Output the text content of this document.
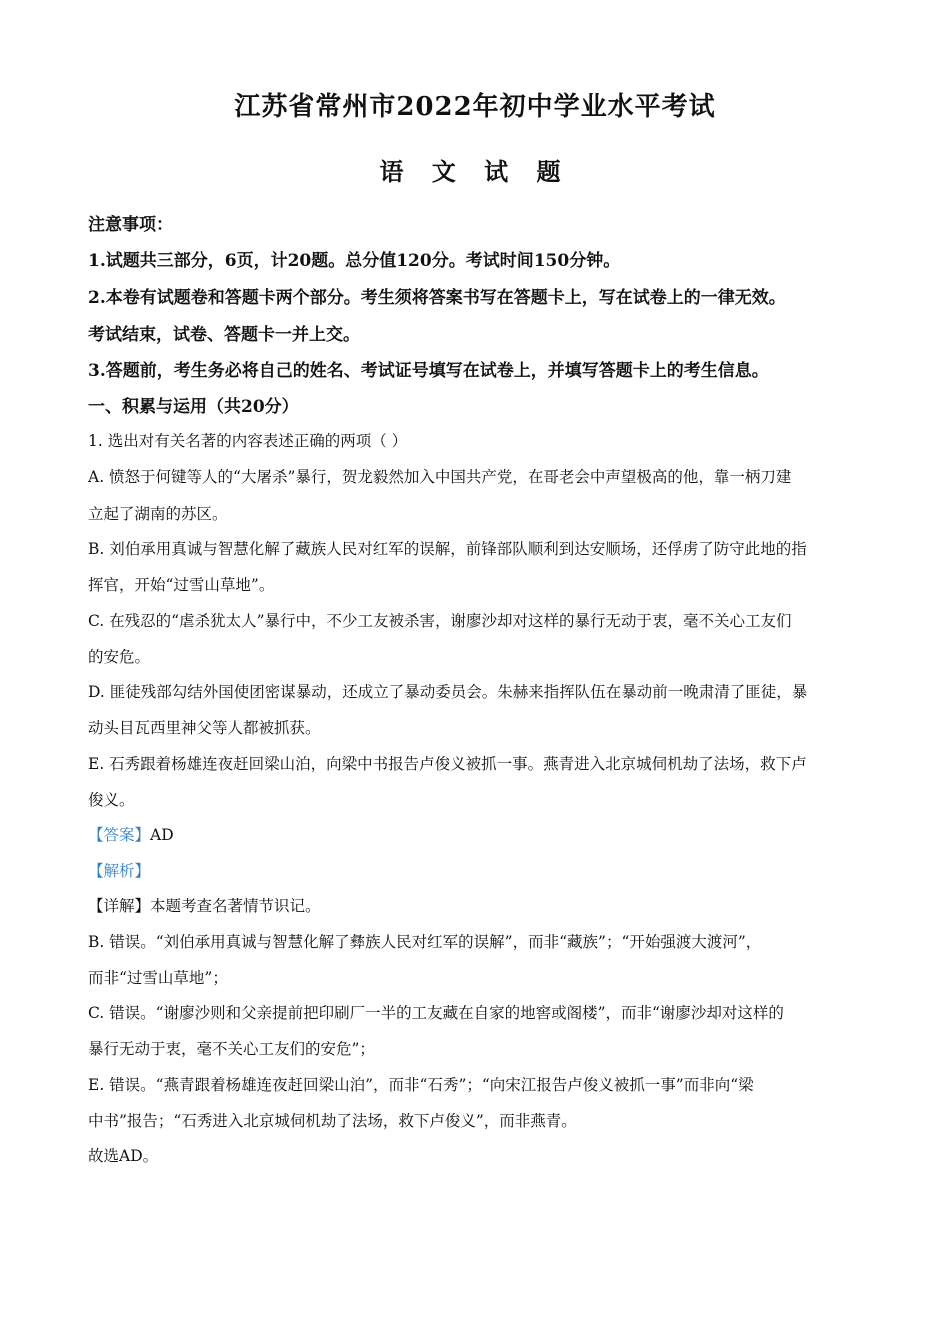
江苏省常州市2022年初中学业水平考试
语 文 试 题
注意事项：
1.试题共三部分，6页，计20题。总分值120分。考试时间150分钟。
2.本卷有试题卷和答题卡两个部分。考生须将答案书写在答题卡上，写在试卷上的一律无效。
考试结束，试卷、答题卡一并上交。
3.答题前，考生务必将自己的姓名、考试证号填写在试卷上，并填写答题卡上的考生信息。
一、积累与运用（共20分）
1. 选出对有关名著的内容表述正确的两项（ ）
A. 愤怒于何键等人的“大屠杀”暴行，贺龙毅然加入中国共产党，在哥老会中声望极高的他，靠一柄刀建
立起了湖南的苏区。
B. 刘伯承用真诚与智慧化解了藏族人民对红军的误解，前锋部队顺利到达安顺场，还俘虏了防守此地的指
挥官，开始“过雪山草地”。
C. 在残忍的“虐杀犹太人”暴行中，不少工友被杀害，谢廖沙却对这样的暴行无动于衷，毫不关心工友们
的安危。
D. 匪徒残部勾结外国使团密谋暴动，还成立了暴动委员会。朱赫来指挥队伍在暴动前一晚肃清了匪徒，暴
动头目瓦西里神父等人都被抓获。
E. 石秀跟着杨雄连夜赶回梁山泊，向梁中书报告卢俊义被抓一事。燕青进入北京城伺机劫了法场，救下卢
俊义。
【答案】AD
【解析】
【详解】本题考查名著情节识记。
B. 错误。“刘伯承用真诚与智慧化解了彝族人民对红军的误解”，而非“藏族”；“开始强渡大渡河”，
而非“过雪山草地”；
C. 错误。“谢廖沙则和父亲提前把印刷厂一半的工友藏在自家的地窖或阁楼”，而非“谢廖沙却对这样的
暴行无动于衷，毫不关心工友们的安危”；
E. 错误。“燕青跟着杨雄连夜赶回梁山泊”，而非“石秀”；“向宋江报告卢俊义被抓一事”而非向“梁
中书”报告；“石秀进入北京城伺机劫了法场，救下卢俊义”，而非燕青。
故选AD。
